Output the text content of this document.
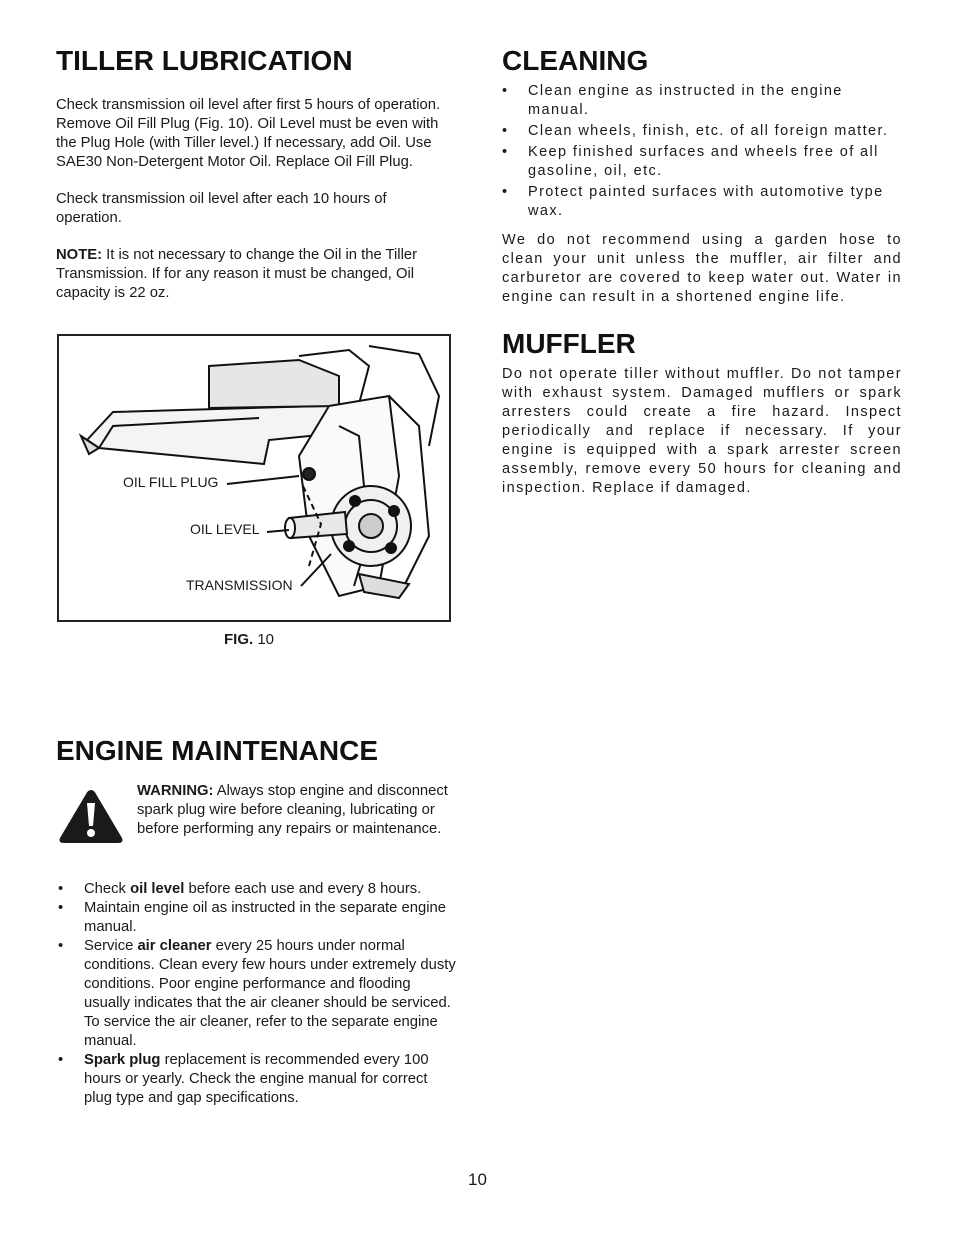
TILLER LUBRICATION

Check transmission oil level after first 5 hours of operation. Remove Oil Fill Plug (Fig. 10). Oil Level must be even with the Plug Hole (with Tiller level.) If necessary, add Oil. Use SAE30 Non-Detergent Motor Oil. Replace Oil Fill Plug.

Check transmission oil level after each 10 hours of operation.

NOTE: It is not necessary to change the Oil in the Tiller Transmission. If for any reason it must be changed, Oil capacity is 22 oz.

OIL FILL PLUG
OIL LEVEL
TRANSMISSION
FIG. 10
CLEANING
• Clean engine as instructed in the engine manual.
• Clean wheels, finish, etc. of all foreign matter.
• Keep finished surfaces and wheels free of all gasoline, oil, etc.
• Protect painted surfaces with automotive type wax.

We do not recommend using a garden hose to clean your unit unless the muffler, air filter and carburetor are covered to keep water out. Water in engine can result in a shortened engine life.

MUFFLER

Do not operate tiller without muffler. Do not tamper with exhaust system. Damaged mufflers or spark arresters could create a fire hazard. Inspect periodically and replace if necessary. If your engine is equipped with a spark arrester screen assembly, remove every 50 hours for cleaning and inspection. Replace if damaged.

ENGINE MAINTENANCE
WARNING: Always stop engine and disconnect spark plug wire before cleaning, lubricating or before performing any repairs or maintenance.
• Check oil level before each use and every 8 hours.
• Maintain engine oil as instructed in the separate engine manual.
• Service air cleaner every 25 hours under normal conditions. Clean every few hours under extremely dusty conditions. Poor engine performance and flooding usually indicates that the air cleaner should be serviced. To service the air cleaner, refer to the separate engine manual.
• Spark plug replacement is recommended every 100 hours or yearly. Check the engine manual for correct plug type and gap specifications.
10
